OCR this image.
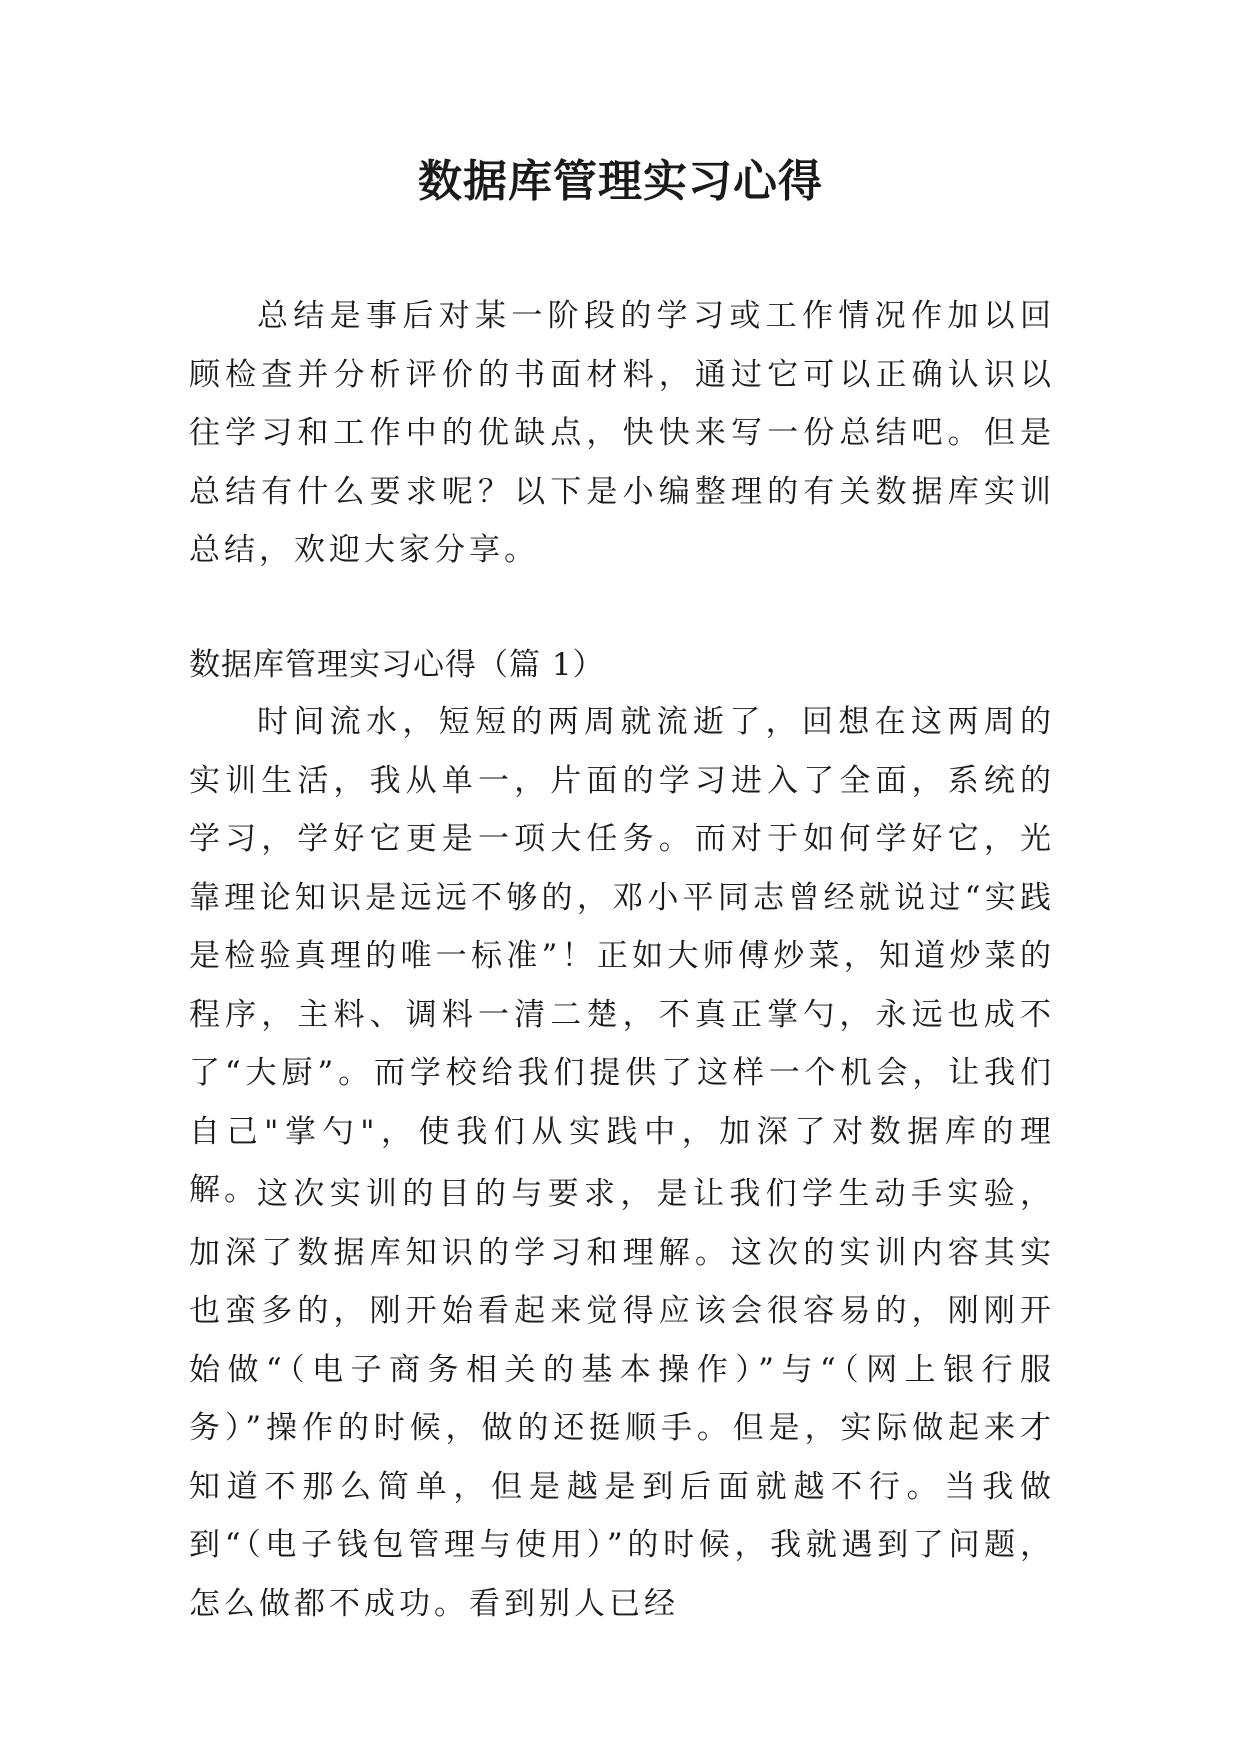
数据库管理实习心得

总结是事后对某一阶段的学习或工作情况作加以回顾检查并分析评价的书面材料，通过它可以正确认识以往学习和工作中的优缺点，快快来写一份总结吧。但是总结有什么要求呢？以下是小编整理的有关数据库实训总结，欢迎大家分享。

数据库管理实习心得（篇 1）

时间流水，短短的两周就流逝了，回想在这两周的实训生活，我从单一，片面的学习进入了全面，系统的学习，学好它更是一项大任务。而对于如何学好它，光靠理论知识是远远不够的，邓小平同志曾经就说过“实践是检验真理的唯一标准”！正如大师傅炒菜，知道炒菜的程序，主料、调料一清二楚，不真正掌勺，永远也成不了“大厨”。而学校给我们提供了这样一个机会，让我们自己"掌勺"，使我们从实践中，加深了对数据库的理解。

这次实训的目的与要求，是让我们学生动手实验，加深了数据库知识的学习和理解。这次的实训内容其实也蛮多的，刚开始看起来觉得应该会很容易的，刚刚开始做“（电子商务相关的基本操作）”与“（网上银行服务）”操作的时候，做的还挺顺手。但是，实际做起来才知道不那么简单，但是越是到后面就越不行。当我做到“（电子钱包管理与使用）”的时候，我就遇到了问题，怎么做都不成功。看到别人已经
